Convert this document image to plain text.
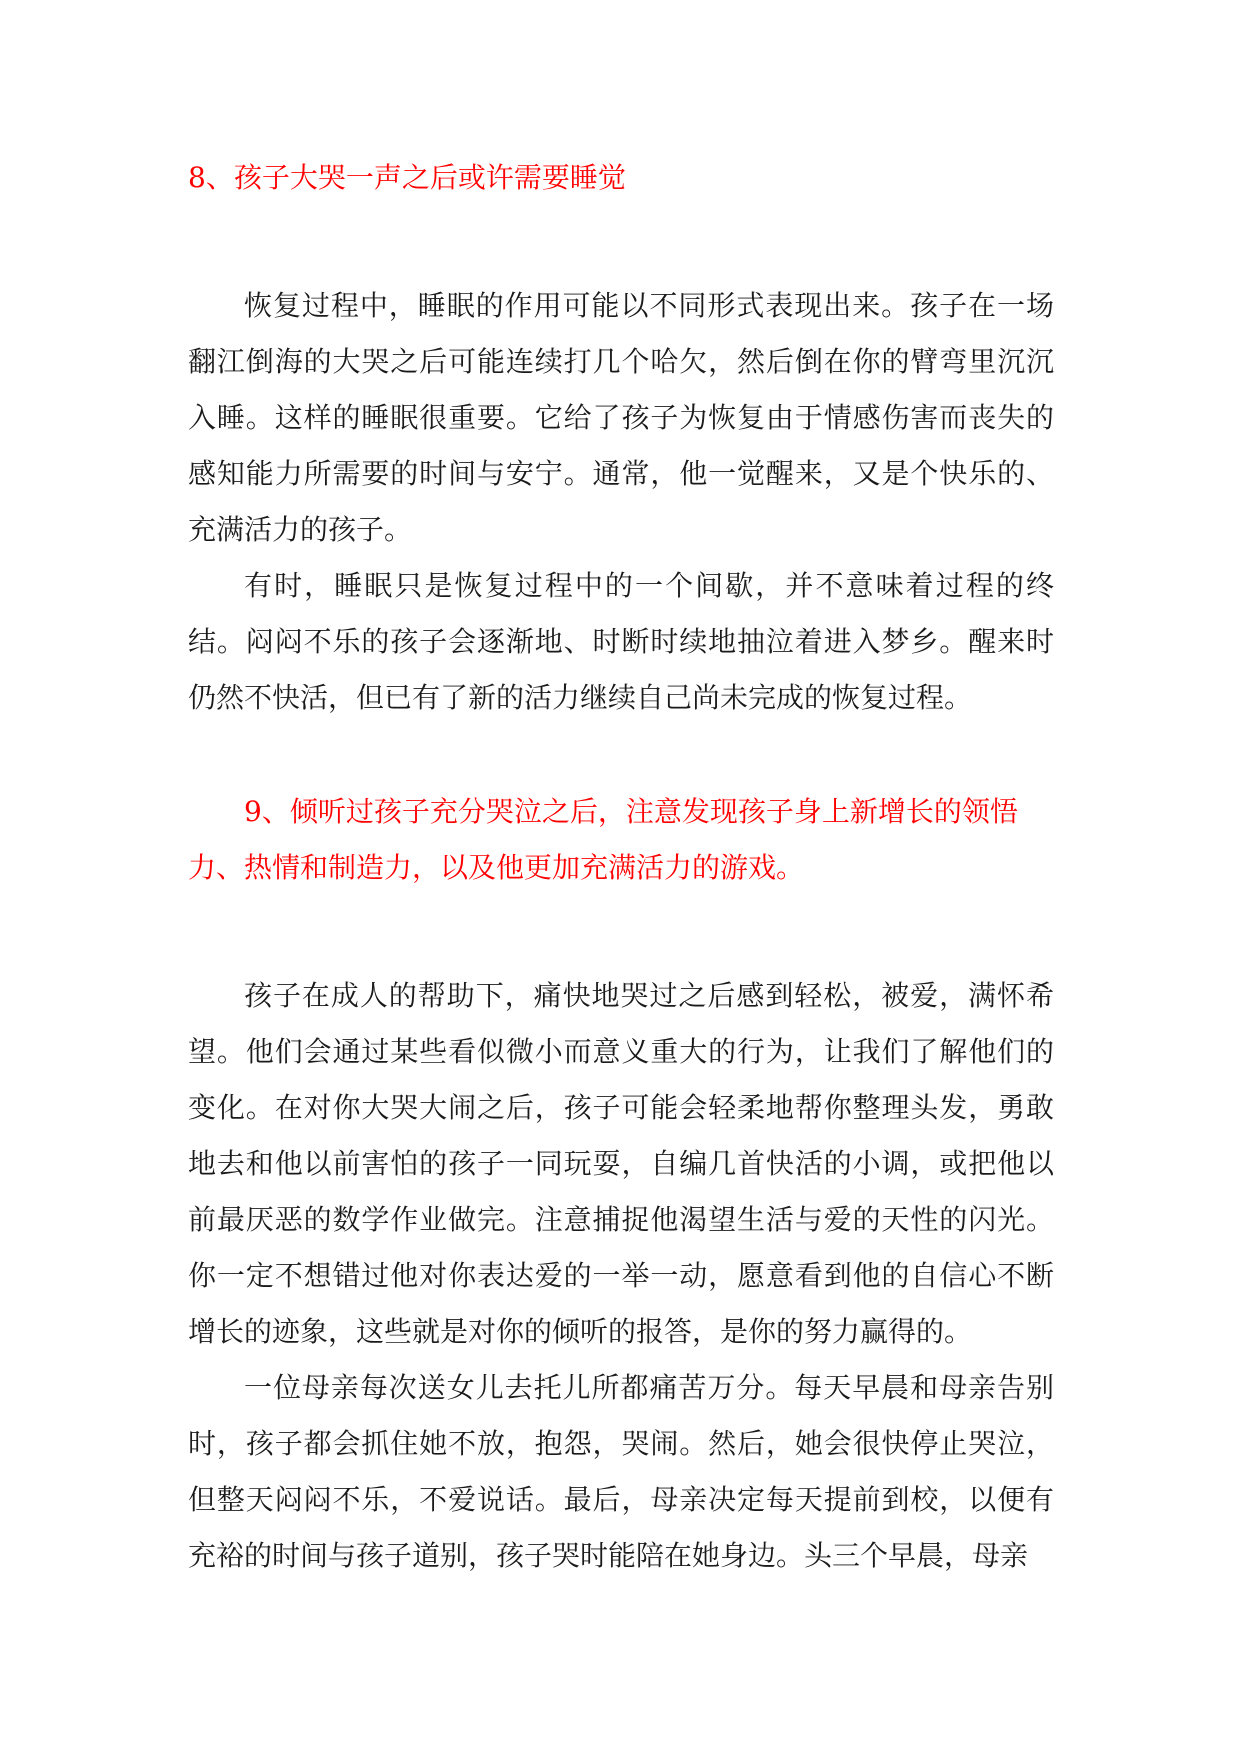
8、孩子大哭一声之后或许需要睡觉

恢复过程中，睡眠的作用可能以不同形式表现出来。孩子在一场翻江倒海的大哭之后可能连续打几个哈欠，然后倒在你的臂弯里沉沉入睡。这样的睡眠很重要。它给了孩子为恢复由于情感伤害而丧失的感知能力所需要的时间与安宁。通常，他一觉醒来，又是个快乐的、充满活力的孩子。

有时，睡眠只是恢复过程中的一个间歇，并不意味着过程的终结。闷闷不乐的孩子会逐渐地、时断时续地抽泣着进入梦乡。醒来时仍然不快活，但已有了新的活力继续自己尚未完成的恢复过程。

9、倾听过孩子充分哭泣之后，注意发现孩子身上新增长的领悟力、热情和制造力，以及他更加充满活力的游戏。

孩子在成人的帮助下，痛快地哭过之后感到轻松，被爱，满怀希望。他们会通过某些看似微小而意义重大的行为，让我们了解他们的变化。在对你大哭大闹之后，孩子可能会轻柔地帮你整理头发，勇敢地去和他以前害怕的孩子一同玩耍，自编几首快活的小调，或把他以前最厌恶的数学作业做完。注意捕捉他渴望生活与爱的天性的闪光。你一定不想错过他对你表达爱的一举一动，愿意看到他的自信心不断增长的迹象，这些就是对你的倾听的报答，是你的努力赢得的。

一位母亲每次送女儿去托儿所都痛苦万分。每天早晨和母亲告别时，孩子都会抓住她不放，抱怨，哭闹。然后，她会很快停止哭泣，但整天闷闷不乐，不爱说话。最后，母亲决定每天提前到校，以便有充裕的时间与孩子道别，孩子哭时能陪在她身边。头三个早晨，母亲
